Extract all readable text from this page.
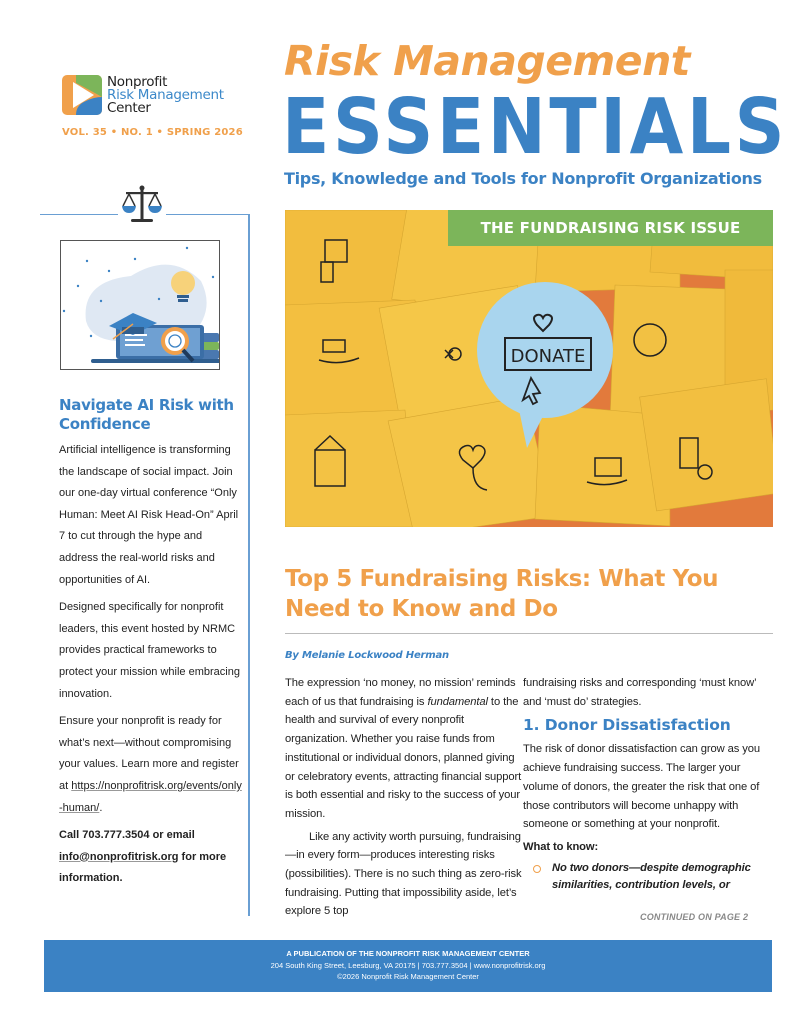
Nonprofit
Risk Management
Center
VOL. 35 • NO. 1 • SPRING 2026
Risk Management
ESSENTIALS
Tips, Knowledge and Tools for Nonprofit Organizations
Navigate AI Risk with Confidence

Artificial intelligence is transforming the landscape of social impact. Join our one-day virtual conference “Only Human: Meet AI Risk Head-On” April 7 to cut through the hype and address the real-world risks and opportunities of AI.

Designed specifically for nonprofit leaders, this event hosted by NRMC provides practical frameworks to protect your mission while embracing innovation.

Ensure your nonprofit is ready for what’s next—without compromising your values. Learn more and register at https://nonprofitrisk.org/events/only-human/.

Call 703.777.3504 or email info@nonprofitrisk.org for more information.

DONATE
THE FUNDRAISING RISK ISSUE
Top 5 Fundraising Risks: What You Need to Know and Do
By Melanie Lockwood Herman

The expression ‘no money, no mission’ reminds each of us that fundraising is fundamental to the health and survival of every nonprofit organization. Whether you raise funds from institutional or individual donors, planned giving or celebratory events, attracting financial support is both essential and risky to the success of your mission.

Like any activity worth pursuing, fundraising—in every form—produces interesting risks (possibilities). There is no such thing as zero-risk fundraising. Putting that impossibility aside, let’s explore 5 top

fundraising risks and corresponding ‘must know’ and ‘must do’ strategies.

1. Donor Dissatisfaction

The risk of donor dissatisfaction can grow as you achieve fundraising success. The larger your volume of donors, the greater the risk that one of those contributors will become unhappy with someone or something at your nonprofit.

What to know:

No two donors—despite demographic similarities, contribution levels, or
CONTINUED ON PAGE 2
A PUBLICATION OF THE NONPROFIT RISK MANAGEMENT CENTER
204 South King Street, Leesburg, VA 20175 | 703.777.3504 | www.nonprofitrisk.org
©2026 Nonprofit Risk Management Center
